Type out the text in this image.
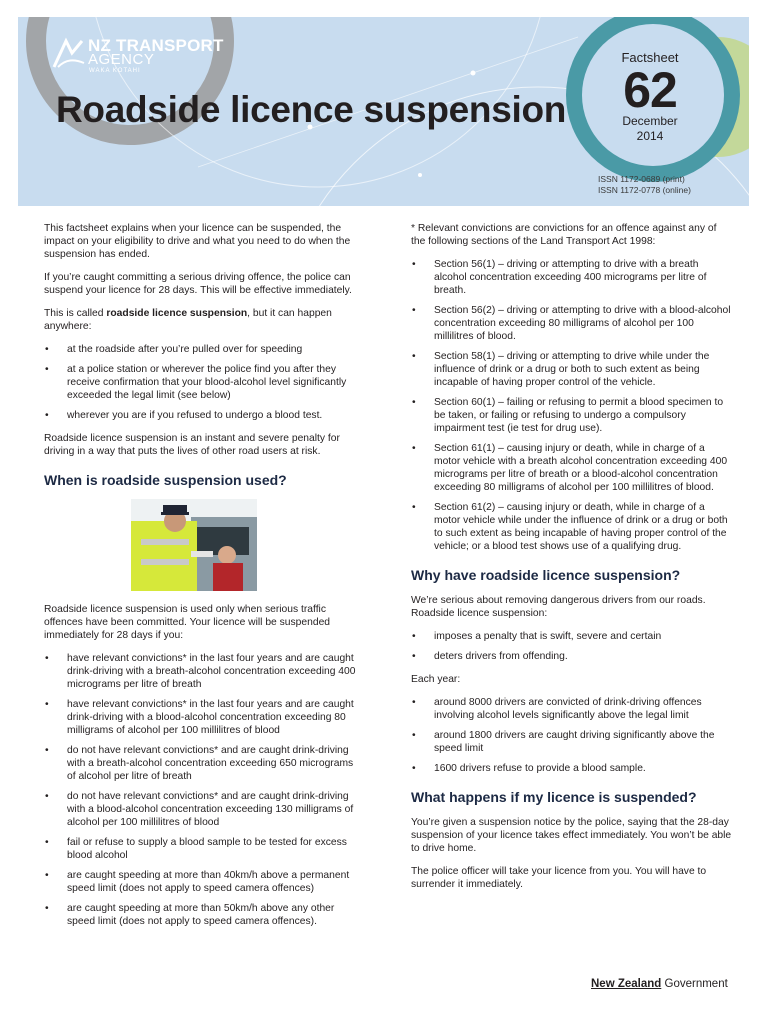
NZ TRANSPORT
AGENCY
WAKA KOTAHI
Roadside licence suspension
Factsheet
62
December
2014
ISSN 1172-0689 (print)
ISSN 1172-0778 (online)

This factsheet explains when your licence can be suspended, the impact on your eligibility to drive and what you need to do when the suspension has ended.

If you’re caught committing a serious driving offence, the police can suspend your licence for 28 days. This will be effective immediately.

This is called roadside licence suspension, but it can happen anywhere:

• at the roadside after you’re pulled over for speeding
• at a police station or wherever the police find you after they receive confirmation that your blood-alcohol level significantly exceeded the legal limit (see below)
• wherever you are if you refused to undergo a blood test.

Roadside licence suspension is an instant and severe penalty for driving in a way that puts the lives of other road users at risk.

When is roadside suspension used?

Roadside licence suspension is used only when serious traffic offences have been committed. Your licence will be suspended immediately for 28 days if you:

• have relevant convictions* in the last four years and are caught drink-driving with a breath-alcohol concentration exceeding 400 micrograms per litre of breath
• have relevant convictions* in the last four years and are caught drink-driving with a blood-alcohol concentration exceeding 80 milligrams of alcohol per 100 millilitres of blood
• do not have relevant convictions* and are caught drink-driving with a breath-alcohol concentration exceeding 650 micrograms of alcohol per litre of breath
• do not have relevant convictions* and are caught drink-driving with a blood-alcohol concentration exceeding 130 milligrams of alcohol per 100 millilitres of blood
• fail or refuse to supply a blood sample to be tested for excess blood alcohol
• are caught speeding at more than 40km/h above a permanent speed limit (does not apply to speed camera offences)
• are caught speeding at more than 50km/h above any other speed limit (does not apply to speed camera offences).

* Relevant convictions are convictions for an offence against any of the following sections of the Land Transport Act 1998:

• Section 56(1) – driving or attempting to drive with a breath alcohol concentration exceeding 400 micrograms per litre of breath.
• Section 56(2) – driving or attempting to drive with a blood-alcohol concentration exceeding 80 milligrams of alcohol per 100 millilitres of blood.
• Section 58(1) – driving or attempting to drive while under the influence of drink or a drug or both to such extent as being incapable of having proper control of the vehicle.
• Section 60(1) – failing or refusing to permit a blood specimen to be taken, or failing or refusing to undergo a compulsory impairment test (ie test for drug use).
• Section 61(1) – causing injury or death, while in charge of a motor vehicle with a breath alcohol concentration exceeding 400 micrograms per litre of breath or a blood-alcohol concentration exceeding 80 milligrams of alcohol per 100 millilitres of blood.
• Section 61(2) – causing injury or death, while in charge of a motor vehicle while under the influence of drink or a drug or both to such extent as being incapable of having proper control of the vehicle; or a blood test shows use of a qualifying drug.
Why have roadside licence suspension?

We’re serious about removing dangerous drivers from our roads. Roadside licence suspension:

• imposes a penalty that is swift, severe and certain
• deters drivers from offending.

Each year:

• around 8000 drivers are convicted of drink-driving offences involving alcohol levels significantly above the legal limit
• around 1800 drivers are caught driving significantly above the speed limit
• 1600 drivers refuse to provide a blood sample.
What happens if my licence is suspended?

You’re given a suspension notice by the police, saying that the 28-day suspension of your licence takes effect immediately. You won’t be able to drive home.

The police officer will take your licence from you. You will have to surrender it immediately.

New Zealand Government
